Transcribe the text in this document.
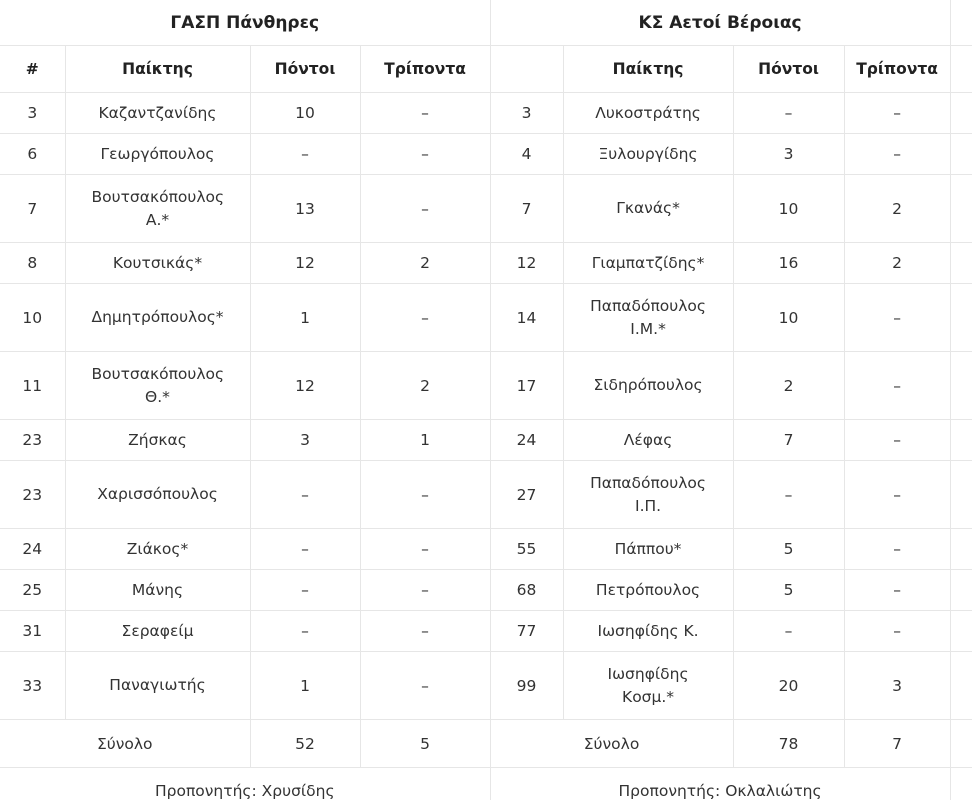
ΓΑΣΠ Πάνθηρες				ΚΣ Αετοί Βέροιας				
#	Παίκτης	Πόντοι	Τρίποντα		Παίκτης	Πόντοι	Τρίποντα	
3	Καζαντζανίδης	10	–	3	Λυκοστράτης	–	–	
6	Γεωργόπουλος	–	–	4	Ξυλουργίδης	3	–	
7	Βουτσακόπουλος Α.*	13	–	7	Γκανάς*	10	2	
8	Κουτσικάς*	12	2	12	Γιαμπατζίδης*	16	2	
10	Δημητρόπουλος*	1	–	14	Παπαδόπουλος Ι.Μ.*	10	–	
11	Βουτσακόπουλος Θ.*	12	2	17	Σιδηρόπουλος	2	–	
23	Ζήσκας	3	1	24	Λέφας	7	–	
23	Χαρισσόπουλος	–	–	27	Παπαδόπουλος Ι.Π.	–	–	
24	Ζιάκος*	–	–	55	Πάππου*	5	–	
25	Μάνης	–	–	68	Πετρόπουλος	5	–	
31	Σεραφείμ	–	–	77	Ιωσηφίδης Κ.	–	–	
33	Παναγιωτής	1	–	99	Ιωσηφίδης Κοσμ.*	20	3	
Σύνολο		52	5	Σύνολο		78	7	
Προπονητής: Χρυσίδης				Προπονητής: Οκλαλιώτης				
